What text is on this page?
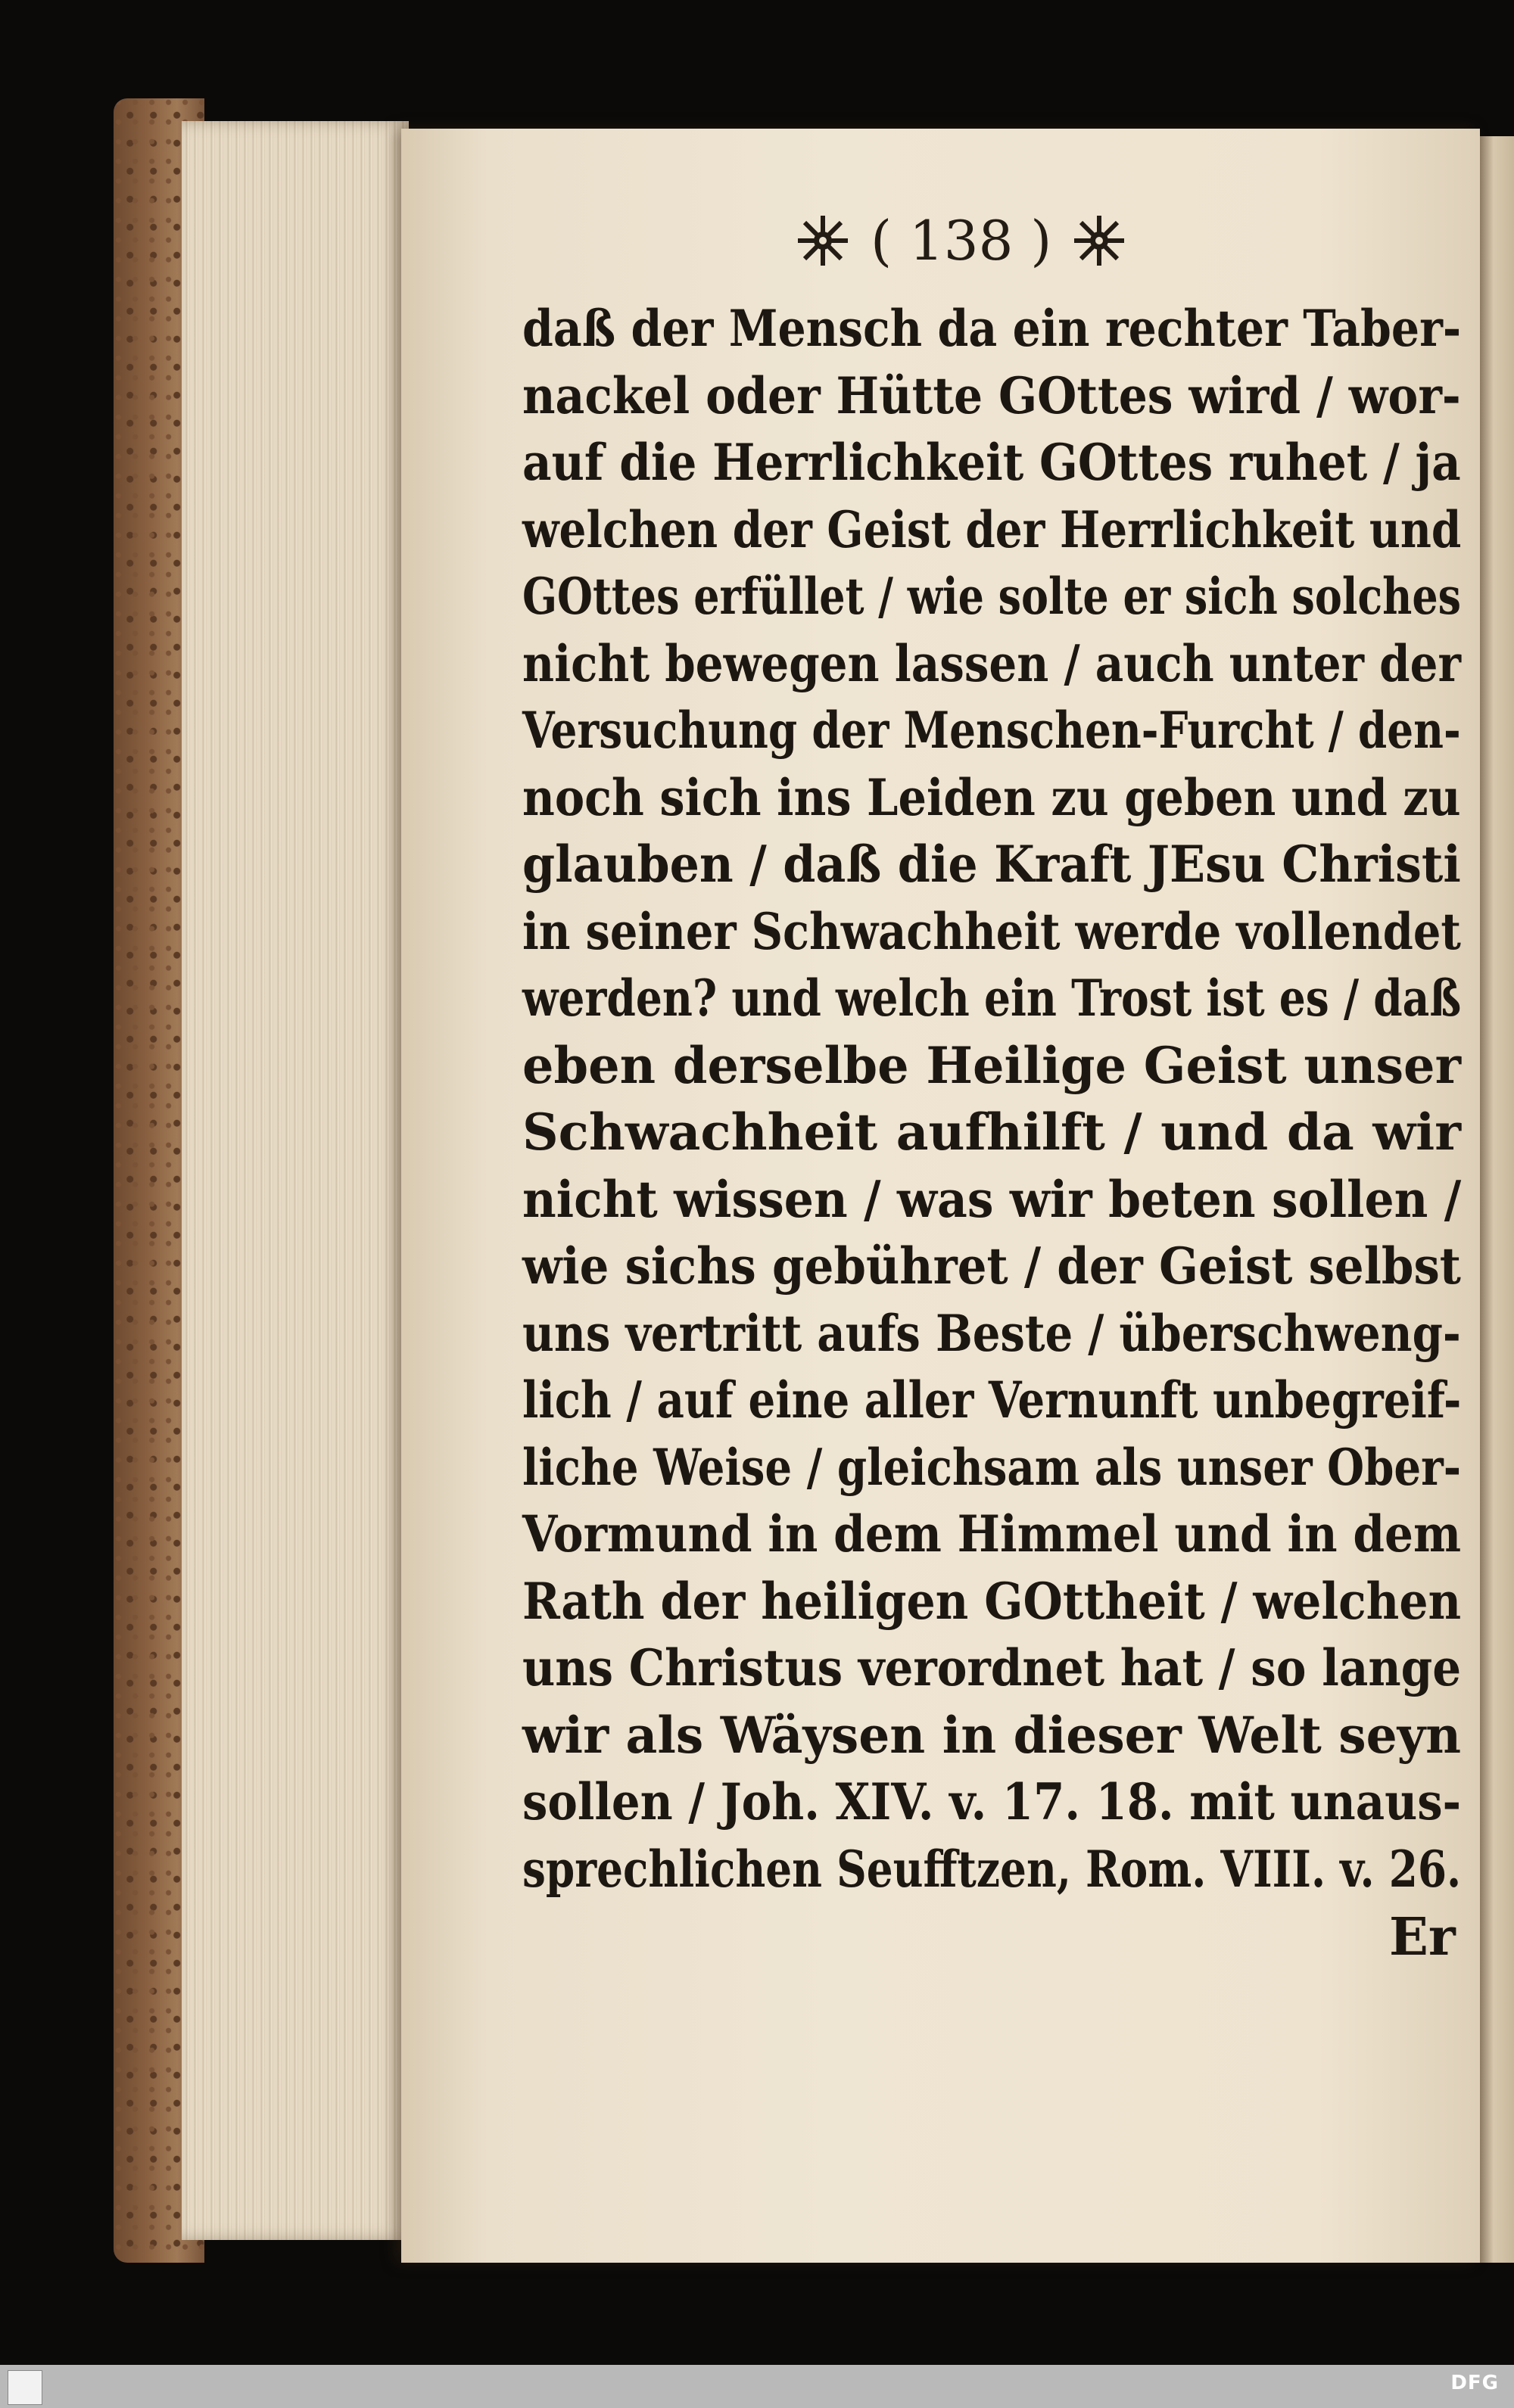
( 138 )
daß der Mensch da ein rechter Taber-
nackel oder Hütte GOttes wird / wor-
auf die Herrlichkeit GOttes ruhet / ja
welchen der Geist der Herrlichkeit und
GOttes erfüllet / wie solte er sich solches
nicht bewegen lassen / auch unter der
Versuchung der Menschen-Furcht / den-
noch sich ins Leiden zu geben und zu
glauben / daß die Kraft JEsu Christi
in seiner Schwachheit werde vollendet
werden? und welch ein Trost ist es / daß
eben derselbe Heilige Geist unser
Schwachheit aufhilft / und da wir
nicht wissen / was wir beten sollen /
wie sichs gebühret / der Geist selbst
uns vertritt aufs Beste / überschweng-
lich / auf eine aller Vernunft unbegreif-
liche Weise / gleichsam als unser Ober-
Vormund in dem Himmel und in dem
Rath der heiligen GOttheit / welchen
uns Christus verordnet hat / so lange
wir als Wäysen in dieser Welt seyn
sollen / Joh. XIV. v. 17. 18. mit unaus-
sprechlichen Seufftzen, Rom. VIII. v. 26.
Er
DFG
